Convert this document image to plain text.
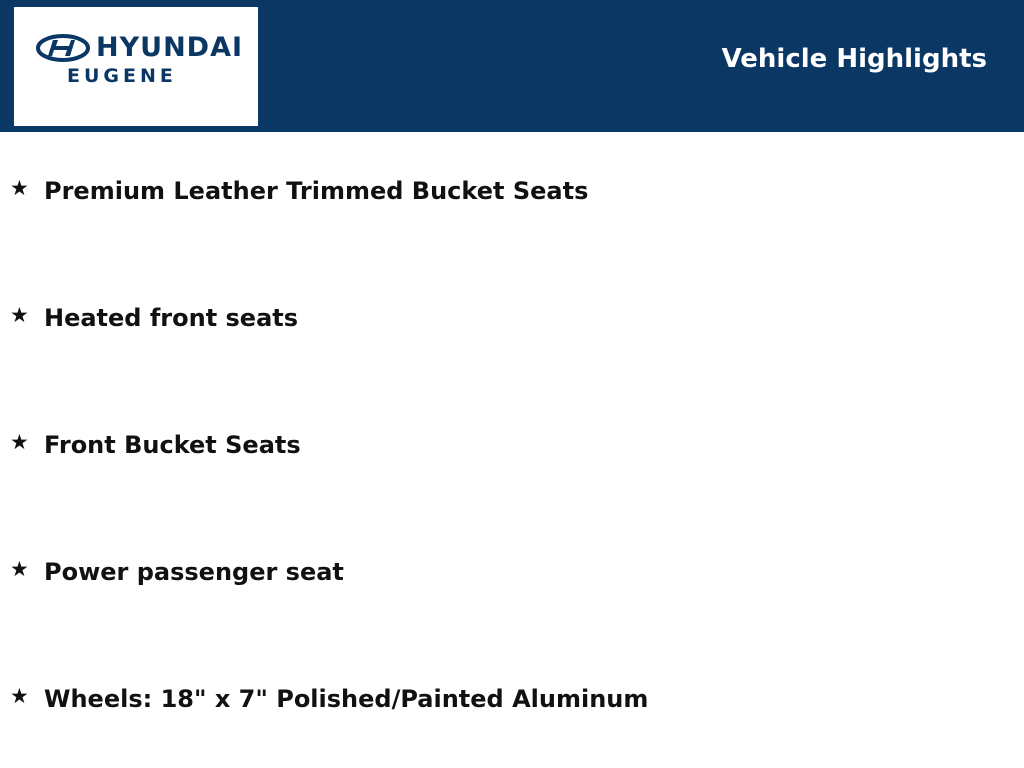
HYUNDAI
EUGENE
Vehicle Highlights
★ Premium Leather Trimmed Bucket Seats
★ Heated front seats
★ Front Bucket Seats
★ Power passenger seat
★ Wheels: 18" x 7" Polished/Painted Aluminum
